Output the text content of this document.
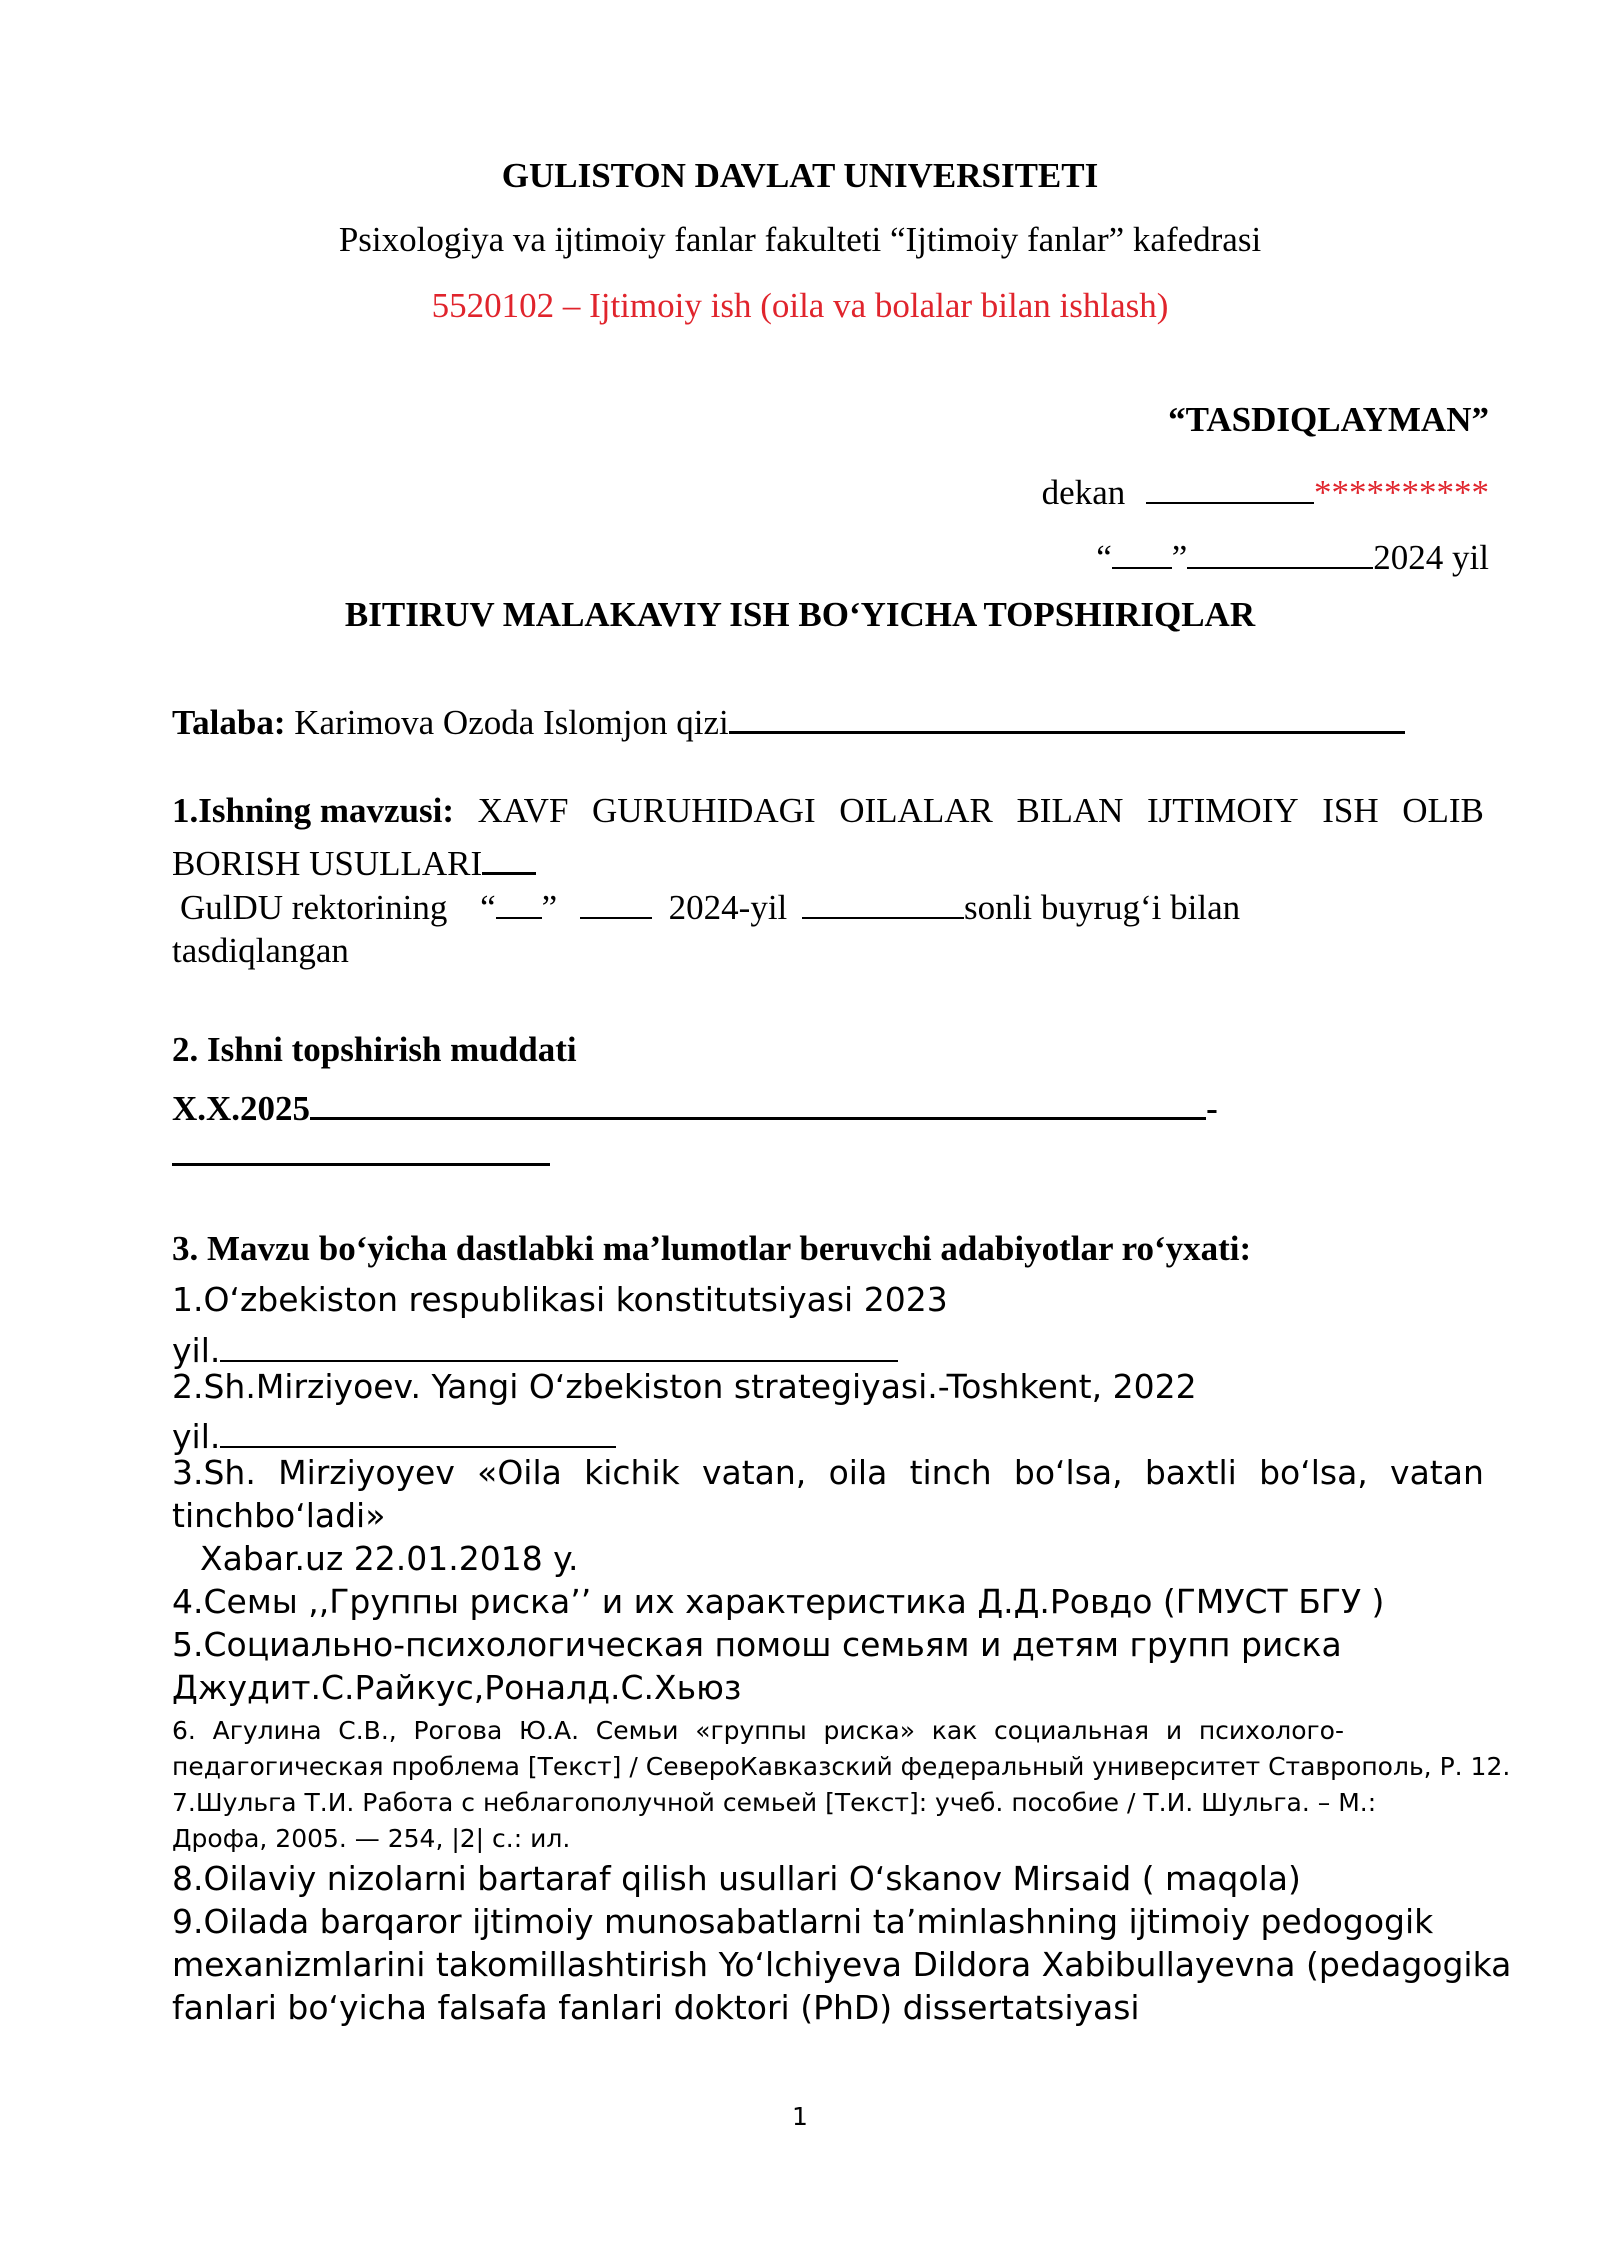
GULISTON DAVLAT UNIVERSITETI
Psixologiya va ijtimoiy fanlar fakulteti “Ijtimoiy fanlar” kafedrasi
5520102 – Ijtimoiy ish (oila va bolalar bilan ishlash)
“TASDIQLAYMAN”
dekan	**********
“ ”	2024 yil
BITIRUV MALAKAVIY ISH BOʻYICHA TOPSHIRIQLAR
Talaba: Karimova Ozoda Islomjon qizi
1.Ishning mavzusi: XAVF GURUHIDAGI OILALAR BILAN IJTIMOIY ISH OLIB
BORISH USULLARI
GulDU rektorining “ ”	2024-yil	sonli buyrugʻi bilan
tasdiqlangan
2. Ishni topshirish muddati
X.X.2025	-
3. Mavzu boʻyicha dastlabki maʼlumotlar beruvchi adabiyotlar roʻyxati:
1.Oʻzbekiston respublikasi konstitutsiyasi 2023
yil.
2.Sh.Mirziyoev. Yangi Oʻzbekiston strategiyasi.-Toshkent, 2022
yil.
3.Sh. Mirziyoyev «Oila kichik vatan, oila tinch boʻlsa, baxtli boʻlsa, vatan
tinchboʻladi»
Xabar.uz 22.01.2018 y.
4.Семы ,,Группы риска’’ и их характеристика Д.Д.Ровдо (ГМУСТ БГУ )
5.Социально-психологическая помош семьям и детям групп риска
Джудит.С.Райкус,Роналд.С.Хьюз
6. Агулина С.В., Рогова Ю.А. Семьи «группы риска» как социальная и психолого-
педагогическая проблема [Текст] / СевероКавказский федеральный университет Ставрополь, Р. 12.
7.Шульга Т.И. Работа с неблагополучной семьей [Текст]: учеб. пособие / Т.И. Шульга. – М.:
Дрофа, 2005. — 254, |2| с.: ил.
8.Oilaviy nizolarni bartaraf qilish usullari Oʻskanov Mirsaid ( maqola)
9.Oilada barqaror ijtimoiy munosabatlarni taʼminlashning ijtimoiy pedogogik
mexanizmlarini takomillashtirish Yoʻlchiyeva Dildora Xabibullayevna (pedagogika
fanlari boʻyicha falsafa fanlari doktori (PhD) dissertatsiyasi
1
